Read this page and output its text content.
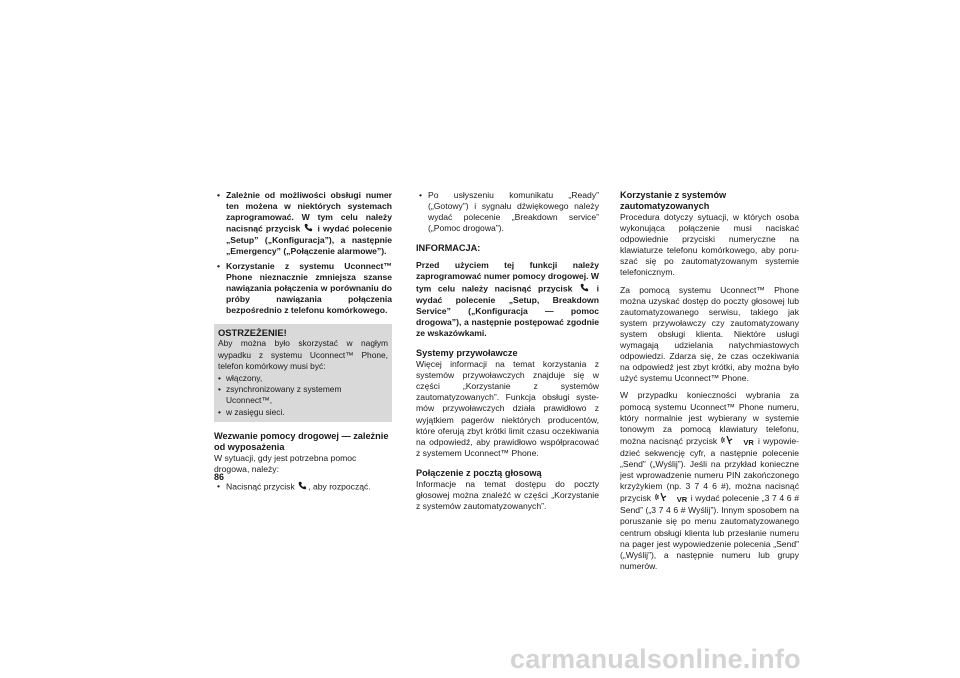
• Zależnie od możliwości obsługi numer ten możena w niektórych systemach zaprogramować. W tym celu należy nacisnąć przycisk i wydać polecenie „Setup” („Konfiguracja”), a następnie „Emergency” („Połączenie alarmowe”).
• Korzystanie z systemu Uconnect™ Phone nieznacznie zmniejsza szanse nawiązania połączenia w porównaniu do próby nawiązania połączenia bezpośrednio z telefonu komórkowego.
OSTRZEŻENIE!

Aby można było skorzystać w nagłym wypadku z systemu Uconnect™ Phone, telefon komórkowy musi być:

• włączony,
• zsynchronizowany z systemem Uconnect™,
• w zasięgu sieci.
Wezwanie pomocy drogowej — zależnie od wyposażenia

W sytuacji, gdy jest potrzebna pomoc drogowa, należy:

• Nacisnąć przycisk , aby rozpocząć.
• Po usłyszeniu komunikatu „Ready” („Gotowy”) i sygnału dźwiękowego należy wydać polecenie „Breakdown service” („Pomoc drogowa”).
INFORMACJA:

Przed użyciem tej funkcji należy zaprogramować numer pomocy drogowej. W tym celu należy nacisnąć przycisk	i wydać polecenie „Setup, Breakdown Service” („Konfiguracja — pomoc drogowa”), a następnie postępować zgodnie ze wskazówkami.

Systemy przywoławcze

Więcej informacji na temat korzystania z systemów przywoławczych znajduje się w części „Korzystanie z systemów zautomatyzowanych”. Funkcja obsługi systemów przywoławczych działa prawidłowo z wyjątkiem pagerów niektórych producentów, które oferują zbyt krótki limit czasu oczekiwania na odpowiedź, aby prawidłowo współpracować z systemem Uconnect™ Phone.

Połączenie z pocztą głosową

Informacje na temat dostępu do poczty głosowej można znaleźć w części „Korzystanie z systemów zautomatyzowanych”.

Korzystanie z systemów zautomatyzowanych

Procedura dotyczy sytuacji, w których osoba wykonująca połączenie musi naciskać odpowiednie przyciski numeryczne na klawiaturze telefonu komórkowego, aby poruszać się po zautomatyzowanym systemie telefonicznym.

Za pomocą systemu Uconnect™ Phone można uzyskać dostęp do poczty głosowej lub zautomatyzowanego serwisu, takiego jak system przywoławczy czy zautomatyzowany system obsługi klienta. Niektóre usługi wymagają udzielania natychmiastowych odpowiedzi. Zdarza się, że czas oczekiwania na odpowiedź jest zbyt krótki, aby można było użyć systemu Uconnect™ Phone.

W przypadku konieczności wybrania za pomocą systemu Uconnect™ Phone numeru, który normalnie jest wybierany w systemie tonowym za pomocą klawiatury telefonu, można nacisnąć przycisk	VR i wypowiedzieć sekwencję cyfr, a następnie polecenie „Send” („Wyślij”). Jeśli na przykład konieczne jest wprowadzenie numeru PIN zakończonego krzyżykiem (np. 3 7 4 6 #), można nacisnąć przycisk	VR i wydać polecenie „3 7 4 6 # Send” („3 7 4 6 # Wyślij”). Innym sposobem na poruszanie się po menu zautomatyzowanego centrum obsługi klienta lub przesłanie numeru na pager jest wypowiedzenie polecenia „Send” („Wyślij”), a następnie numeru lub grupy numerów.

86
carmanualsonline.info
